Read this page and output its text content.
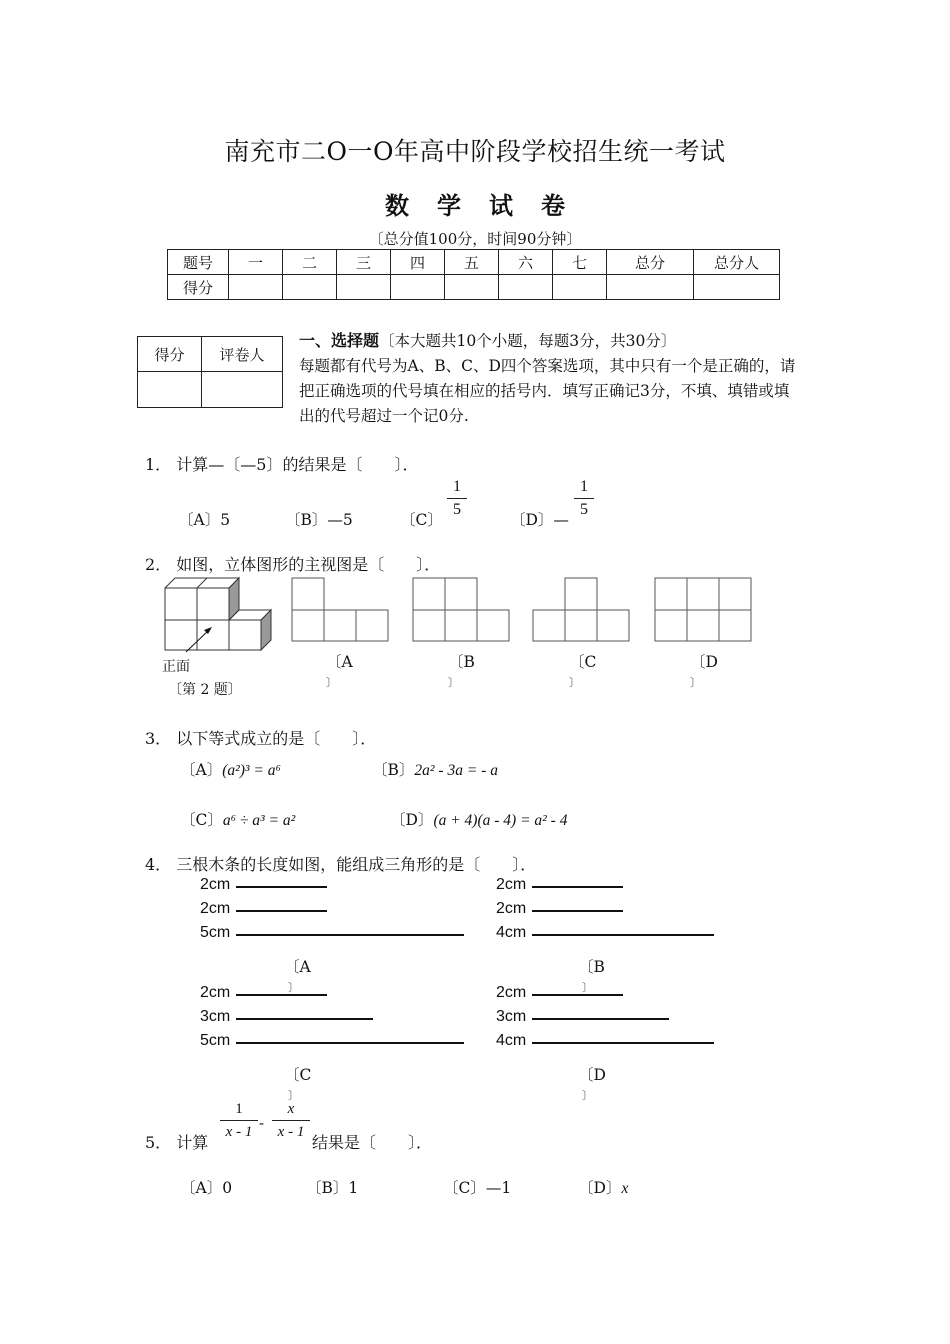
南充市二O一O年高中阶段学校招生统一考试
数学试卷
〔总分值100分，时间90分钟〕
题号	一	二	三	四	五	六	七	总分	总分人
得分									
得分	评卷人

一、选择题〔本大题共10个小题，每题3分，共30分〕
每题都有代号为A、B、C、D四个答案选项，其中只有一个是正确的，请把正确选项的代号填在相应的括号内．填写正确记3分，不填、填错或填出的代号超过一个记0分.
1． 计算—〔—5〕的结果是〔　　〕．
〔A〕5	〔B〕—5	〔C〕
1
5
〔D〕—
1
5
2． 如图，立体图形的主视图是〔　　〕．
正面
〔第 2 题〕
〔A
〕
〔B
〕
〔C
〕
〔D
〕
3． 以下等式成立的是〔　　〕．
〔A〕(a²)³ = a⁶	〔B〕2a² - 3a = - a
〔C〕a⁶ ÷ a³ = a²	〔D〕(a + 4)(a - 4) = a² - 4
4． 三根木条的长度如图，能组成三角形的是〔　　〕．
2cm
2cm
5cm
〔A
〕
2cm
2cm
4cm
〔B
〕
2cm
3cm
5cm
〔C
〕
2cm
3cm
4cm
〔D
〕
5． 计算
1
x - 1 -
x
x - 1
结果是〔　　〕．
〔A〕0	〔B〕1	〔C〕—1	〔D〕x
